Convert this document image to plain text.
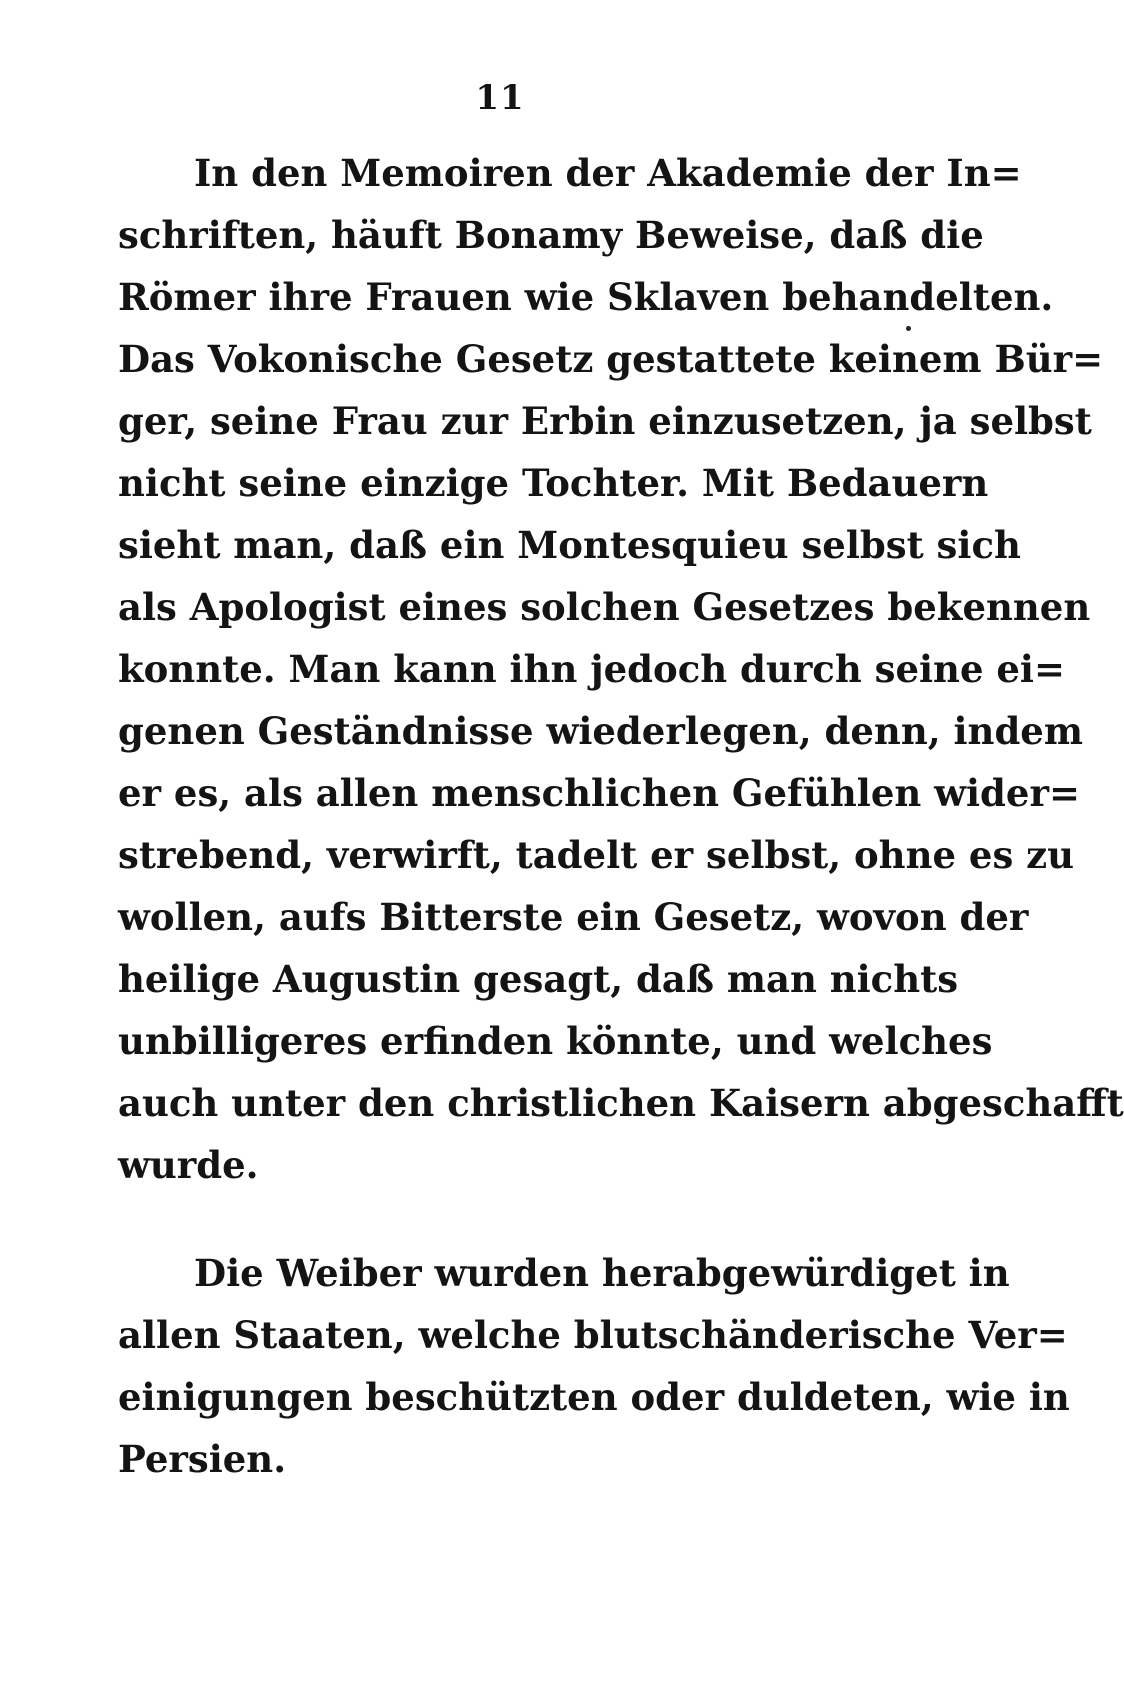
11
In den Memoiren der Akademie der In=
schriften, häuft Bonamy Beweise, daß die
Römer ihre Frauen wie Sklaven behandelten.
Das Vokonische Gesetz gestattete keinem Bür=
ger, seine Frau zur Erbin einzusetzen, ja selbst
nicht seine einzige Tochter. Mit Bedauern
sieht man, daß ein Montesquieu selbst sich
als Apologist eines solchen Gesetzes bekennen
konnte. Man kann ihn jedoch durch seine ei=
genen Geständnisse wiederlegen, denn, indem
er es, als allen menschlichen Gefühlen wider=
strebend, verwirft, tadelt er selbst, ohne es zu
wollen, aufs Bitterste ein Gesetz, wovon der
heilige Augustin gesagt, daß man nichts
unbilligeres erfinden könnte, und welches
auch unter den christlichen Kaisern abgeschafft
wurde.
Die Weiber wurden herabgewürdiget in
allen Staaten, welche blutschänderische Ver=
einigungen beschützten oder duldeten, wie in
Persien.
